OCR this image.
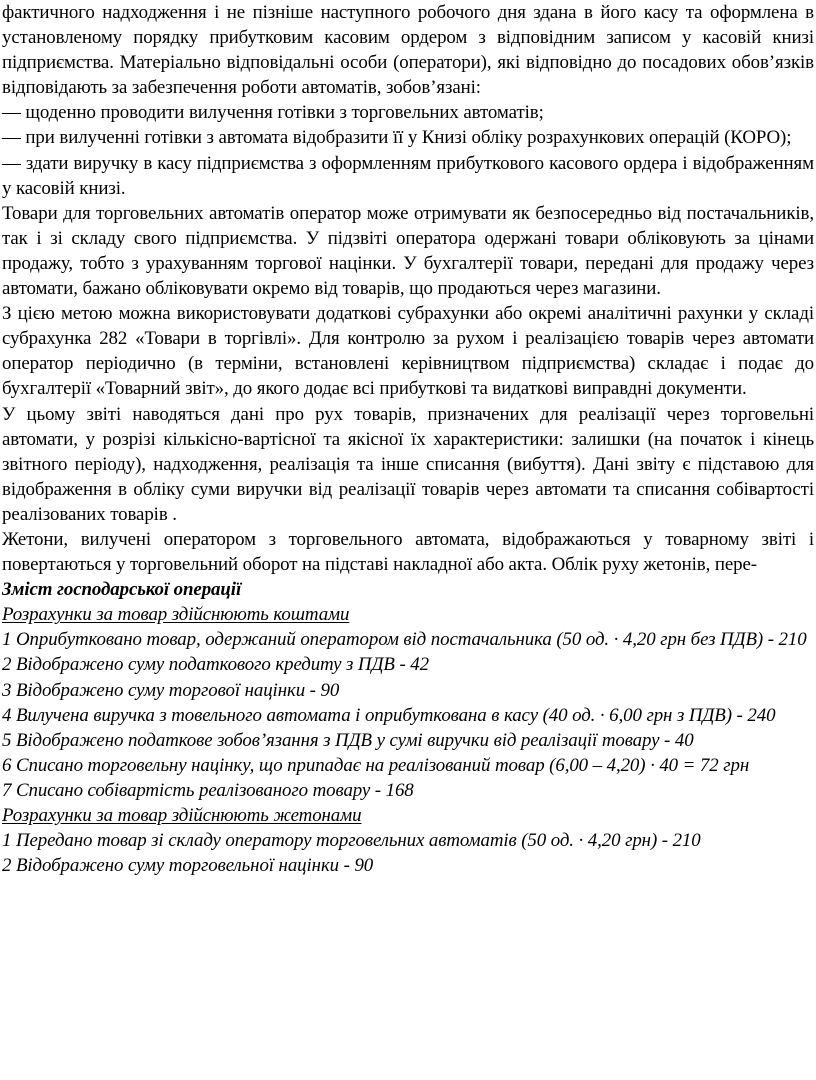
фактичного надходження і не пізніше наступного робочого дня здана в його касу та оформлена в установленому порядку прибутковим касовим ордером з відповідним записом у касовій книзі підприємства. Матеріально відповідальні особи (оператори), які відповідно до посадових обов’язків відповідають за забезпечення роботи автоматів, зобов’язані:

— щоденно проводити вилучення готівки з торговельних автоматів;

— при вилученні готівки з автомата відобразити її у Книзі обліку розрахункових операцій (КОРО);

— здати виручку в касу підприємства з оформленням прибуткового касового ордера і відображенням у касовій книзі.

Товари для торговельних автоматів оператор може отримувати як безпосередньо від постачальників, так і зі складу свого підприємства. У підзвіті оператора одержані товари обліковують за цінами продажу, тобто з урахуванням торгової націнки. У бухгалтерії товари, передані для продажу через автомати, бажано обліковувати окремо від товарів, що продаються через магазини.

З цією метою можна використовувати додаткові субрахунки або окремі аналітичні рахунки у складі субрахунка 282 «Товари в торгівлі». Для контролю за рухом і реалізацією товарів через автомати оператор періодично (в терміни, встановлені керівництвом підприємства) складає і подає до бухгалтерії «Товарний звіт», до якого додає всі прибуткові та видаткові виправдні документи.

У цьому звіті наводяться дані про рух товарів, призначених для реалізації через торговельні автомати, у розрізі кількісно-вартісної та якісної їх характеристики: залишки (на початок і кінець звітного періоду), надходження, реалізація та інше списання (вибуття). Дані звіту є підставою для відображення в обліку суми виручки від реалізації товарів через автомати та списання собівартості реалізованих товарів .

Жетони, вилучені оператором з торговельного автомата, відображаються у товарному звіті і повертаються у торговельний оборот на підставі накладної або акта. Облік руху жетонів, пере-

Зміст господарської операції

Розрахунки за товар здійснюють коштами

1 Оприбутковано товар, одержаний оператором від постачальника (50 од. · 4,20 грн без ПДВ) - 210

2 Відображено суму податкового кредиту з ПДВ - 42

3 Відображено суму торгової націнки - 90

4 Вилучена виручка з товельного автомата і оприбуткована в касу (40 од. · 6,00 грн з ПДВ) - 240

5 Відображено податкове зобов’язання з ПДВ у сумі виручки від реалізації товару - 40

6 Списано торговельну націнку, що припадає на реалізований товар (6,00 – 4,20) · 40 = 72 грн

7 Списано собівартість реалізованого товару - 168

Розрахунки за товар здійснюють жетонами

1 Передано товар зі складу оператору торговельних автоматів (50 од. · 4,20 грн) - 210

2 Відображено суму торговельної націнки - 90
